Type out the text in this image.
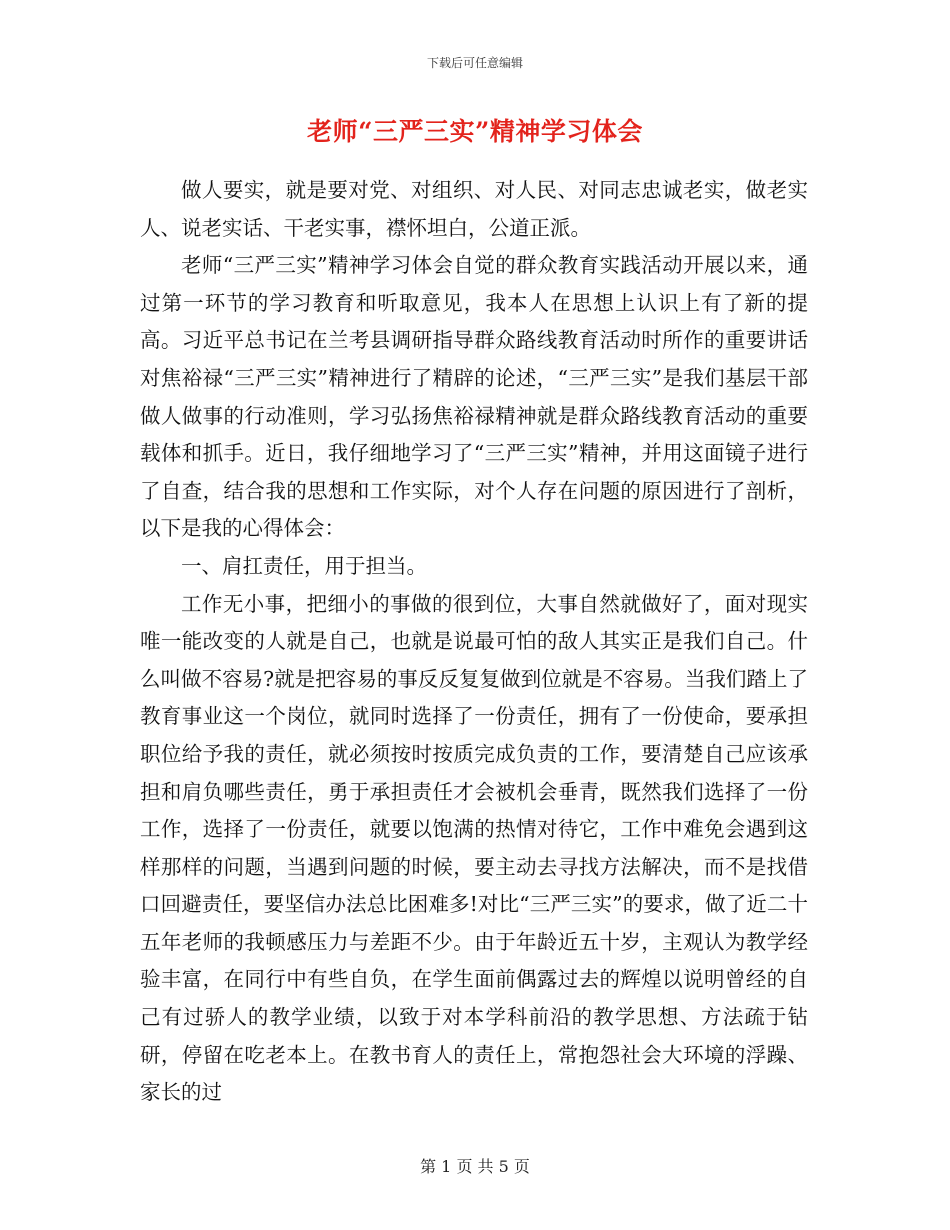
下载后可任意编辑
老师“三严三实”精神学习体会

做人要实，就是要对党、对组织、对人民、对同志忠诚老实，做老实人、说老实话、干老实事，襟怀坦白，公道正派。

老师“三严三实”精神学习体会自觉的群众教育实践活动开展以来，通过第一环节的学习教育和听取意见，我本人在思想上认识上有了新的提高。习近平总书记在兰考县调研指导群众路线教育活动时所作的重要讲话对焦裕禄“三严三实”精神进行了精辟的论述，“三严三实”是我们基层干部做人做事的行动准则，学习弘扬焦裕禄精神就是群众路线教育活动的重要载体和抓手。近日，我仔细地学习了“三严三实”精神，并用这面镜子进行了自查，结合我的思想和工作实际，对个人存在问题的原因进行了剖析，以下是我的心得体会：

一、肩扛责任，用于担当。

工作无小事，把细小的事做的很到位，大事自然就做好了，面对现实唯一能改变的人就是自己，也就是说最可怕的敌人其实正是我们自己。什么叫做不容易?就是把容易的事反反复复做到位就是不容易。当我们踏上了教育事业这一个岗位，就同时选择了一份责任，拥有了一份使命，要承担职位给予我的责任，就必须按时按质完成负责的工作，要清楚自己应该承担和肩负哪些责任，勇于承担责任才会被机会垂青，既然我们选择了一份工作，选择了一份责任，就要以饱满的热情对待它，工作中难免会遇到这样那样的问题，当遇到问题的时候，要主动去寻找方法解决，而不是找借口回避责任，要坚信办法总比困难多!对比“三严三实”的要求，做了近二十五年老师的我顿感压力与差距不少。由于年龄近五十岁，主观认为教学经验丰富，在同行中有些自负，在学生面前偶露过去的辉煌以说明曾经的自己有过骄人的教学业绩，以致于对本学科前沿的教学思想、方法疏于钻研，停留在吃老本上。在教书育人的责任上，常抱怨社会大环境的浮躁、家长的过

第 1 页 共 5 页
